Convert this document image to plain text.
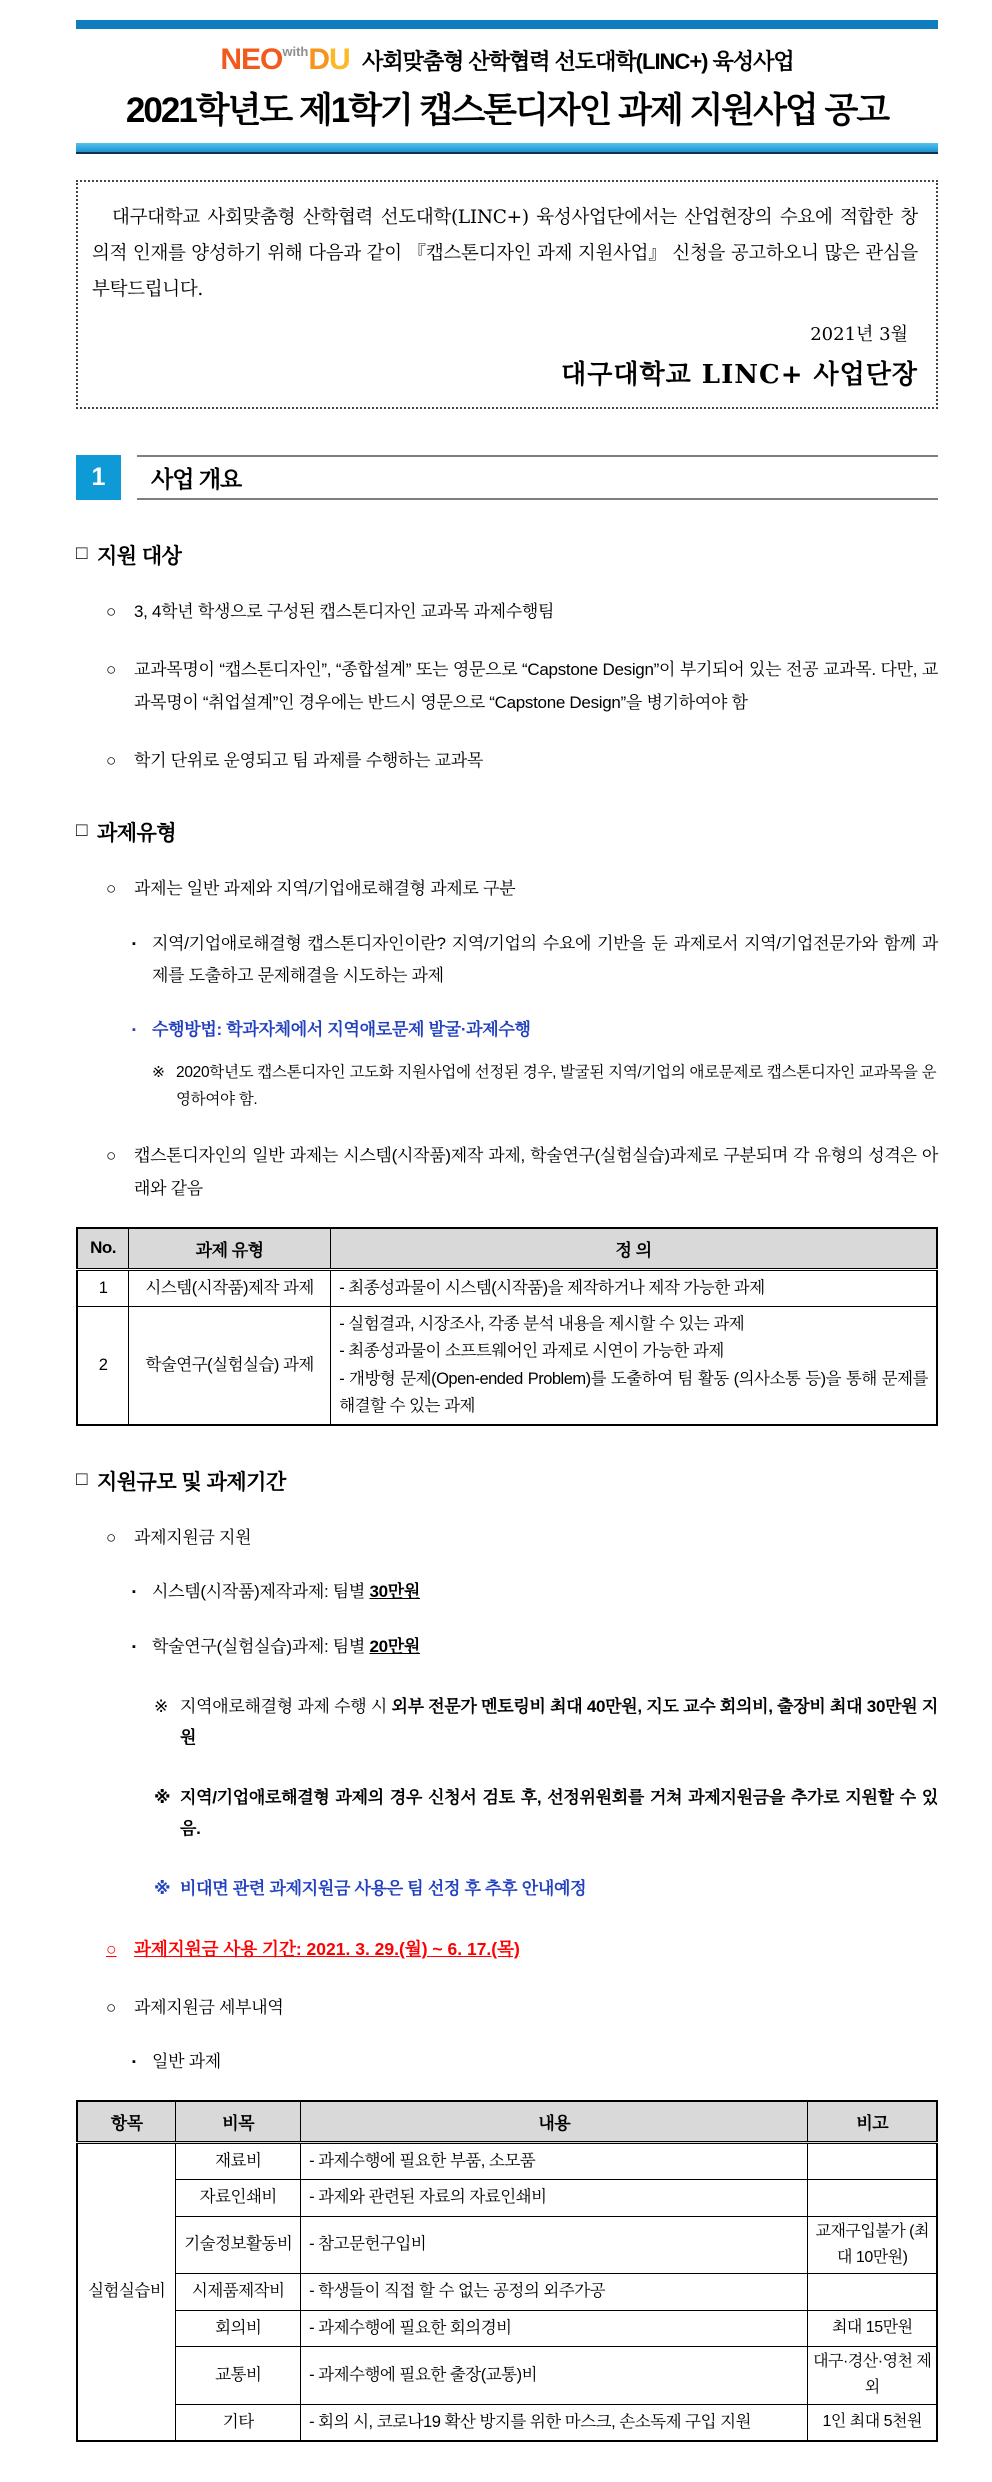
$NEO^{with}DU$ 사회맞춤형 산학협력 선도대학(LINC+) 육성사업
2021학년도 제1학기 캡스톤디자인 과제 지원사업 공고

대구대학교 사회맞춤형 산학협력 선도대학(LINC+) 육성사업단에서는 산업현장의 수요에 적합한 창의적 인재를 양성하기 위해 다음과 같이 『캡스톤디자인 과제 지원사업』 신청을 공고하오니 많은 관심을 부탁드립니다.

2021년 3월
대구대학교 LINC+ 사업단장
1	사업 개요
□ 지원 대상
○	3, 4학년 학생으로 구성된 캡스톤디자인 교과목 과제수행팀
○	교과목명이 “캡스톤디자인”, “종합설계” 또는 영문으로 “Capstone Design”이 부기되어 있는 전공 교과목. 다만, 교과목명이 “취업설계”인 경우에는 반드시 영문으로 “Capstone Design”을 병기하여야 함
○	학기 단위로 운영되고 팀 과제를 수행하는 교과목
□ 과제유형
○	과제는 일반 과제와 지역/기업애로해결형 과제로 구분
▪ 지역/기업애로해결형 캡스톤디자인이란? 지역/기업의 수요에 기반을 둔 과제로서 지역/기업전문가와 함께 과제를 도출하고 문제해결을 시도하는 과제
▪ 수행방법: 학과자체에서 지역애로문제 발굴·과제수행
※ 2020학년도 캡스톤디자인 고도화 지원사업에 선정된 경우, 발굴된 지역/기업의 애로문제로 캡스톤디자인 교과목을 운영하여야 함.
○	캡스톤디자인의 일반 과제는 시스템(시작품)제작 과제, 학술연구(실험실습)과제로 구분되며 각 유형의 성격은 아래와 같음
No.	과제 유형	정 의
1	시스템(시작품)제작 과제	- 최종성과물이 시스템(시작품)을 제작하거나 제작 가능한 과제

2	학술연구(실험실습) 과제	- 실험결과, 시장조사, 각종 분석 내용을 제시할 수 있는 과제
- 최종성과물이 소프트웨어인 과제로 시연이 가능한 과제
- 개방형 문제(Open-ended Problem)를 도출하여 팀 활동 (의사소통 등)을 통해 문제를 해결할 수 있는 과제
□ 지원규모 및 과제기간
○	과제지원금 지원
▪ 시스템(시작품)제작과제: 팀별 30만원
▪ 학술연구(실험실습)과제: 팀별 20만원
※ 지역애로해결형 과제 수행 시 외부 전문가 멘토링비 최대 40만원, 지도 교수 회의비, 출장비 최대 30만원 지원
※ 지역/기업애로해결형 과제의 경우 신청서 검토 후, 선정위원회를 거쳐 과제지원금을 추가로 지원할 수 있음.
※ 비대면 관련 과제지원금 사용은 팀 선정 후 추후 안내예정
○ 과제지원금 사용 기간: 2021. 3. 29.(월) ~ 6. 17.(목)
○	과제지원금 세부내역
▪ 일반 과제
항목	비목	내용	비고
실험실습비	재료비	- 과제수행에 필요한 부품, 소모품	
	자료인쇄비	- 과제와 관련된 자료의 자료인쇄비	
	기술정보활동비	- 참고문헌구입비	교재구입불가 (최대 10만원)
	시제품제작비	- 학생들이 직접 할 수 없는 공정의 외주가공	
	회의비	- 과제수행에 필요한 회의경비	최대 15만원
	교통비	- 과제수행에 필요한 출장(교통)비	대구·경산·영천 제외
	기타	- 회의 시, 코로나19 확산 방지를 위한 마스크, 손소독제 구입 지원	1인 최대 5천원
